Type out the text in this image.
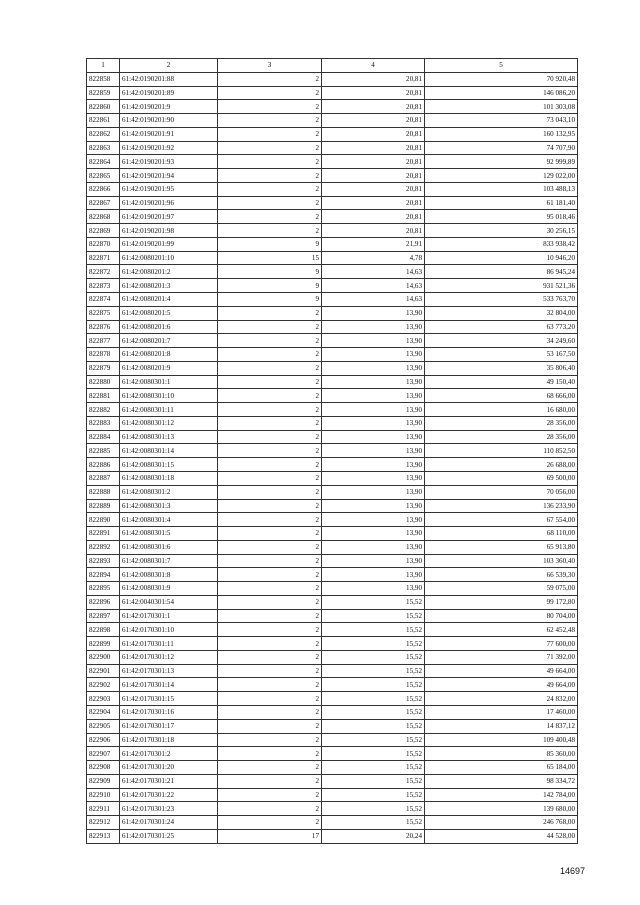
1	2	3	4	5
822858	61:42:0190201:88	2	20,81	70 920,48
822859	61:42:0190201:89	2	20,81	146 086,20
822860	61:42:0190201:9	2	20,81	101 303,08
822861	61:42:0190201:90	2	20,81	73 043,10
822862	61:42:0190201:91	2	20,81	160 132,95
822863	61:42:0190201:92	2	20,81	74 707,90
822864	61:42:0190201:93	2	20,81	92 999,89
822865	61:42:0190201:94	2	20,81	129 022,00
822866	61:42:0190201:95	2	20,81	103 488,13
822867	61:42:0190201:96	2	20,81	61 181,40
822868	61:42:0190201:97	2	20,81	95 018,46
822869	61:42:0190201:98	2	20,81	30 256,15
822870	61:42:0190201:99	9	21,91	833 938,42
822871	61:42:0080201:10	15	4,78	10 946,20
822872	61:42:0080201:2	9	14,63	86 945,24
822873	61:42:0080201:3	9	14,63	931 521,36
822874	61:42:0080201:4	9	14,63	533 763,70
822875	61:42:0080201:5	2	13,90	32 804,00
822876	61:42:0080201:6	2	13,90	63 773,20
822877	61:42:0080201:7	2	13,90	34 249,60
822878	61:42:0080201:8	2	13,90	53 167,50
822879	61:42:0080201:9	2	13,90	35 806,40
822880	61:42:0080301:1	2	13,90	49 150,40
822881	61:42:0080301:10	2	13,90	68 666,00
822882	61:42:0080301:11	2	13,90	16 680,00
822883	61:42:0080301:12	2	13,90	28 356,00
822884	61:42:0080301:13	2	13,90	28 356,00
822885	61:42:0080301:14	2	13,90	110 852,50
822886	61:42:0080301:15	2	13,90	26 688,00
822887	61:42:0080301:18	2	13,90	69 500,00
822888	61:42:0080301:2	2	13,90	70 056,00
822889	61:42:0080301:3	2	13,90	136 233,90
822890	61:42:0080301:4	2	13,90	67 554,00
822891	61:42:0080301:5	2	13,90	68 110,00
822892	61:42:0080301:6	2	13,90	65 913,80
822893	61:42:0080301:7	2	13,90	103 360,40
822894	61:42:0080301:8	2	13,90	66 539,30
822895	61:42:0080301:9	2	13,90	59 075,00
822896	61:42:0040301:54	2	15,52	99 172,80
822897	61:42:0170301:1	2	15,52	80 704,00
822898	61:42:0170301:10	2	15,52	62 452,48
822899	61:42:0170301:11	2	15,52	77 600,00
822900	61:42:0170301:12	2	15,52	71 392,00
822901	61:42:0170301:13	2	15,52	49 664,00
822902	61:42:0170301:14	2	15,52	49 664,00
822903	61:42:0170301:15	2	15,52	24 832,00
822904	61:42:0170301:16	2	15,52	17 460,00
822905	61:42:0170301:17	2	15,52	14 837,12
822906	61:42:0170301:18	2	15,52	109 400,48
822907	61:42:0170301:2	2	15,52	85 360,00
822908	61:42:0170301:20	2	15,52	65 184,00
822909	61:42:0170301:21	2	15,52	98 334,72
822910	61:42:0170301:22	2	15,52	142 784,00
822911	61:42:0170301:23	2	15,52	139 680,00
822912	61:42:0170301:24	2	15,52	246 768,00
822913	61:42:0170301:25	17	20,24	44 528,00
14697
